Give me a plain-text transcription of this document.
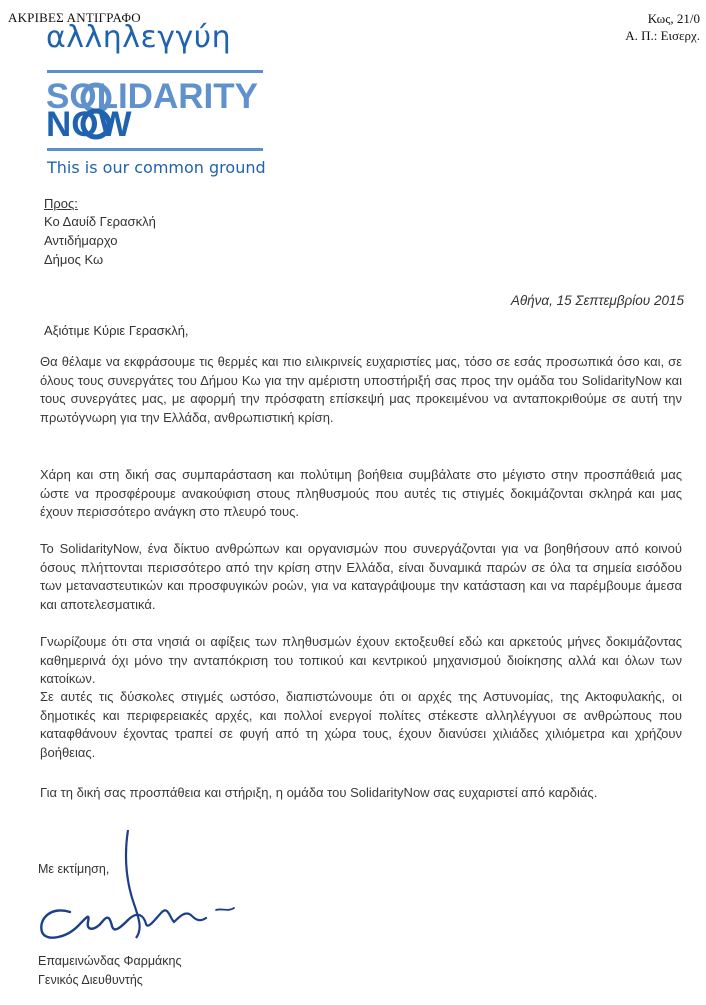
ΑΚΡΙΒΕΣ ΑΝΤΙΓΡΑΦΟ	Κως, 21/0
Α. Π.: Εισερχ.
αλληλεγγύη
SOLIDARITY
NOW
This is our common ground
Προς:
Κο Δαυίδ Γερασκλή
Αντιδήμαρχο
Δήμος Κω
Αθήνα, 15 Σεπτεμβρίου 2015
Αξιότιμε Κύριε Γερασκλή,
Θα θέλαμε να εκφράσουμε τις θερμές και πιο ειλικρινείς ευχαριστίες μας, τόσο σε εσάς προσωπικά όσο και, σε όλους τους συνεργάτες του Δήμου Κω για την αμέριστη υποστήριξή σας προς την ομάδα του SolidarityNow και τους συνεργάτες μας, με αφορμή την πρόσφατη επίσκεψή μας προκειμένου να ανταποκριθούμε σε αυτή την πρωτόγνωρη για την Ελλάδα, ανθρωπιστική κρίση.
Χάρη και στη δική σας συμπαράσταση και πολύτιμη βοήθεια συμβάλατε στο μέγιστο στην προσπάθειά μας ώστε να προσφέρουμε ανακούφιση στους πληθυσμούς που αυτές τις στιγμές δοκιμάζονται σκληρά και μας έχουν περισσότερο ανάγκη στο πλευρό τους.
Το SolidarityNow, ένα δίκτυο ανθρώπων και οργανισμών που συνεργάζονται για να βοηθήσουν από κοινού όσους πλήττονται περισσότερο από την κρίση στην Ελλάδα, είναι δυναμικά παρών σε όλα τα σημεία εισόδου των μεταναστευτικών και προσφυγικών ροών, για να καταγράψουμε την κατάσταση και να παρέμβουμε άμεσα και αποτελεσματικά.
Γνωρίζουμε ότι στα νησιά οι αφίξεις των πληθυσμών έχουν εκτοξευθεί εδώ και αρκετούς μήνες δοκιμάζοντας καθημερινά όχι μόνο την ανταπόκριση του τοπικού και κεντρικού μηχανισμού διοίκησης αλλά και όλων των κατοίκων.
Σε αυτές τις δύσκολες στιγμές ωστόσο, διαπιστώνουμε ότι οι αρχές της Αστυνομίας, της Ακτοφυλακής, οι δημοτικές και περιφερειακές αρχές, και πολλοί ενεργοί πολίτες στέκεστε αλληλέγγυοι σε ανθρώπους που καταφθάνουν έχοντας τραπεί σε φυγή από τη χώρα τους, έχουν διανύσει χιλιάδες χιλιόμετρα και χρήζουν βοήθειας.
Για τη δική σας προσπάθεια και στήριξη, η ομάδα του SolidarityNow σας ευχαριστεί από καρδιάς.
Με εκτίμηση,
Επαμεινώνδας Φαρμάκης
Γενικός Διευθυντής
